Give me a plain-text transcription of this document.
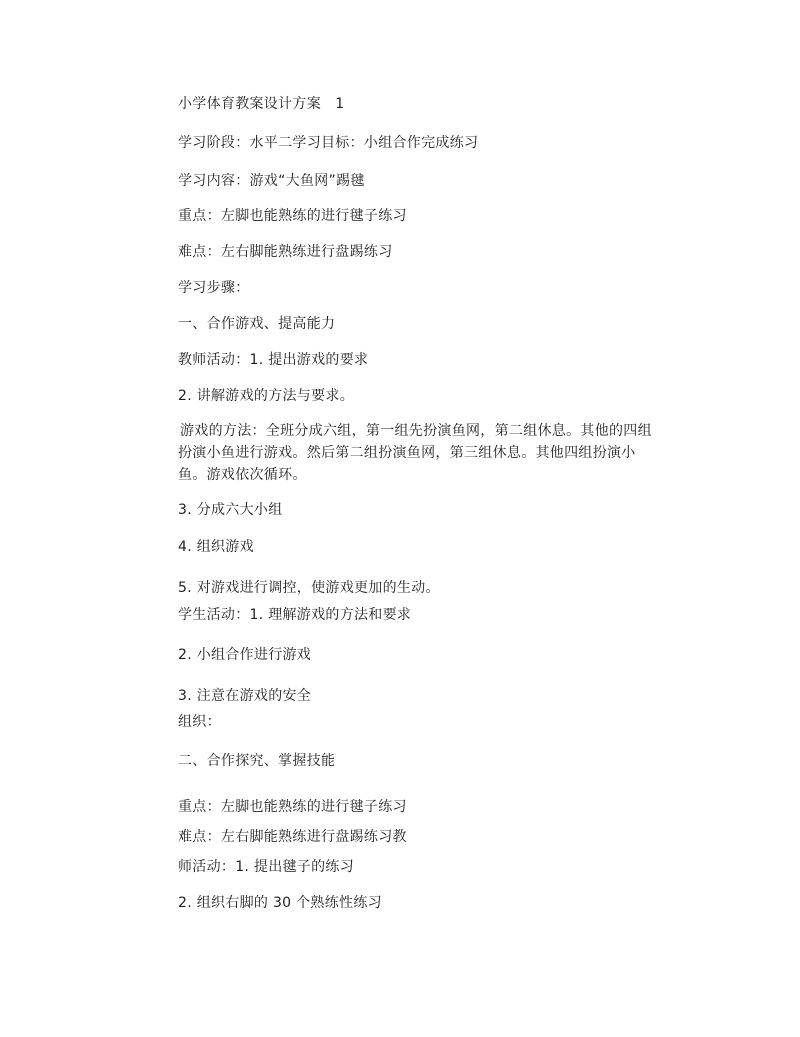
小学体育教案设计方案　1
学习阶段：水平二学习目标：小组合作完成练习
学习内容：游戏“大鱼网”踢毽
重点：左脚也能熟练的进行毽子练习
难点：左右脚能熟练进行盘踢练习
学习步骤：
一、合作游戏、提高能力
教师活动：1. 提出游戏的要求
2. 讲解游戏的方法与要求。
游戏的方法：全班分成六组，第一组先扮演鱼网，第二组休息。其他的四组扮演小鱼进行游戏。然后第二组扮演鱼网，第三组休息。其他四组扮演小鱼。游戏依次循环。
3. 分成六大小组
4. 组织游戏
5. 对游戏进行调控，使游戏更加的生动。
学生活动：1. 理解游戏的方法和要求
2. 小组合作进行游戏
3. 注意在游戏的安全
组织：
二、合作探究、掌握技能
重点：左脚也能熟练的进行毽子练习
难点：左右脚能熟练进行盘踢练习教
师活动：1. 提出毽子的练习
2. 组织右脚的 30 个熟练性练习
